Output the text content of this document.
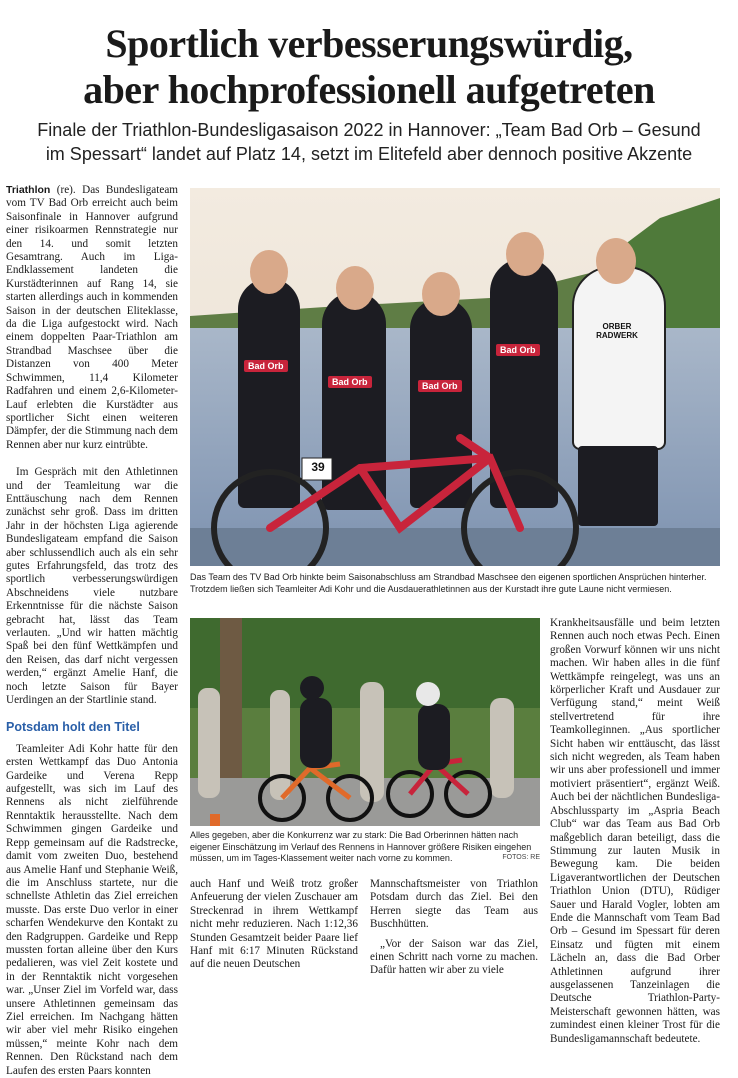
Sportlich verbesserungswürdig,
aber hochprofessionell aufgetreten
Finale der Triathlon-Bundesligasaison 2022 in Hannover: „Team Bad Orb – Gesund
im Spessart“ landet auf Platz 14, setzt im Elitefeld aber dennoch positive Akzente

Triathlon (re). Das Bundesligateam vom TV Bad Orb erreicht auch beim Saisonfinale in Hannover aufgrund einer risikoarmen Rennstrategie nur den 14. und somit letzten Gesamtrang. Auch im Liga-Endklassement landeten die Kurstädterinnen auf Rang 14, sie starten allerdings auch in kommenden Saison in der deutschen Eliteklasse, da die Liga aufgestockt wird. Nach einem doppelten Paar-Triathlon am Strandbad Maschsee über die Distanzen von 400 Meter Schwimmen, 11,4 Kilometer Radfahren und einem 2,6-Kilometer-Lauf erlebten die Kurstädter aus sportlicher Sicht einen weiteren Dämpfer, der die Stimmung nach dem Rennen aber nur kurz eintrübte.

Im Gespräch mit den Athletinnen und der Teamleitung war die Enttäuschung nach dem Rennen zunächst sehr groß. Dass im dritten Jahr in der höchsten Liga agierende Bundesligateam empfand die Saison aber schlussendlich auch als ein sehr gutes Erfahrungsfeld, das trotz des sportlich verbesserungswürdigen Abschneidens viele nutzbare Erkenntnisse für die nächste Saison gebracht hat, lässt das Team verlauten. „Und wir hatten mächtig Spaß bei den fünf Wettkämpfen und den Reisen, das darf nicht vergessen werden,“ ergänzt Amelie Hanf, die noch letzte Saison für Bayer Uerdingen an der Startlinie stand.

Potsdam holt den Titel

Teamleiter Adi Kohr hatte für den ersten Wettkampf das Duo Antonia Gardeike und Verena Repp aufgestellt, was sich im Lauf des Rennens als nicht zielführende Renntaktik herausstellte. Nach dem Schwimmen gingen Gardeike und Repp gemeinsam auf die Radstrecke, damit vom zweiten Duo, bestehend aus Amelie Hanf und Stephanie Weiß, die im Anschluss startete, nur die schnellste Athletin das Ziel erreichen musste. Das erste Duo verlor in einer scharfen Wendekurve den Kontakt zu den Radgruppen. Gardeike und Repp mussten fortan alleine über den Kurs pedalieren, was viel Zeit kostete und in der Renntaktik nicht vorgesehen war. „Unser Ziel im Vorfeld war, dass unsere Athletinnen gemeinsam das Ziel erreichen. Im Nachgang hätten wir aber viel mehr Risiko eingehen müssen,“ meinte Kohr nach dem Rennen. Den Rückstand nach dem Laufen des ersten Paars konnten

Bad Orb
Bad Orb	Bad Orb
Bad Orb
ORBER RADWERK
39
Das Team des TV Bad Orb hinkte beim Saisonabschluss am Strandbad Maschsee den eigenen sportlichen Ansprüchen hinterher. Trotzdem ließen sich Teamleiter Adi Kohr und die Ausdauerathletinnen aus der Kurstadt ihre gute Laune nicht vermiesen.
Alles gegeben, aber die Konkurrenz war zu stark: Die Bad Orberinnen hätten nach eigener Einschätzung im Verlauf des Rennens in Hannover größere Risiken eingehen müssen, um im Tages-Klassement weiter nach vorne zu kommen.	FOTOS: RE

auch Hanf und Weiß trotz großer Anfeuerung der vielen Zuschauer am Streckenrad in ihrem Wettkampf nicht mehr reduzieren. Nach 1:12,36 Stunden Gesamtzeit beider Paare lief Hanf mit 6:17 Minuten Rückstand auf die neuen Deutschen

Mannschaftsmeister von Triathlon Potsdam durch das Ziel. Bei den Herren siegte das Team aus Buschhütten.

„Vor der Saison war das Ziel, einen Schritt nach vorne zu machen. Dafür hatten wir aber zu viele

Krankheitsausfälle und beim letzten Rennen auch noch etwas Pech. Einen großen Vorwurf können wir uns nicht machen. Wir haben alles in die fünf Wettkämpfe reingelegt, was uns an körperlicher Kraft und Ausdauer zur Verfügung stand,“ meint Weiß stellvertretend für ihre Teamkolleginnen. „Aus sportlicher Sicht haben wir enttäuscht, das lässt sich nicht wegreden, als Team haben wir uns aber professionell und immer motiviert präsentiert“, ergänzt Weiß. Auch bei der nächtlichen Bundesliga-Abschlussparty im „Aspria Beach Club“ war das Team aus Bad Orb maßgeblich daran beteiligt, dass die Stimmung zur lauten Musik in Bewegung kam. Die beiden Ligaverantwortlichen der Deutschen Triathlon Union (DTU), Rüdiger Sauer und Harald Vogler, lobten am Ende die Mannschaft vom Team Bad Orb – Gesund im Spessart für deren Einsatz und fügten mit einem Lächeln an, dass die Bad Orber Athletinnen aufgrund ihrer ausgelassenen Tanzeinlagen die Deutsche Triathlon-Party-Meisterschaft gewonnen hätten, was zumindest einen kleiner Trost für die Bundesligamannschaft bedeutete.
